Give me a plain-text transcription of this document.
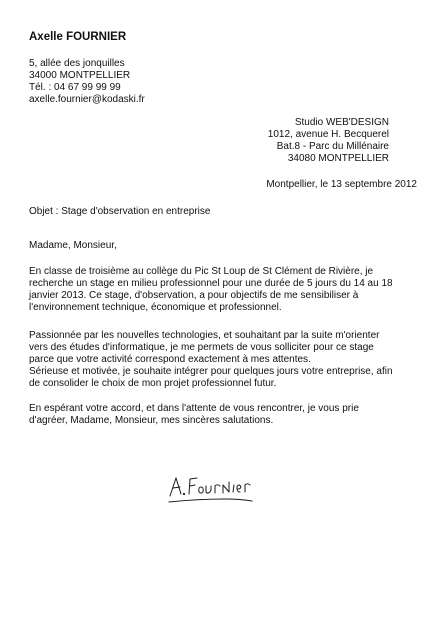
Axelle FOURNIER
5, allée des jonquilles
34000 MONTPELLIER
Tél. : 04 67 99 99 99
axelle.fournier@kodaski.fr
Studio WEB'DESIGN
1012, avenue H. Becquerel
Bat.8 - Parc du Millénaire
34080 MONTPELLIER
Montpellier, le 13 septembre 2012
Objet : Stage d'observation en entreprise
Madame, Monsieur,
En classe de troisième au collège du Pic St Loup de St Clément de Rivière, je
recherche un stage en milieu professionnel pour une durée de 5 jours du 14 au 18
janvier 2013. Ce stage, d'observation, a pour objectifs de me sensibiliser à
l'environnement technique, économique et professionnel.
Passionnée par les nouvelles technologies, et souhaitant par la suite m'orienter
vers des études d'informatique, je me permets de vous solliciter pour ce stage
parce que votre activité correspond exactement à mes attentes.
Sérieuse et motivée, je souhaite intégrer pour quelques jours votre entreprise, afin
de consolider le choix de mon projet professionnel futur.
En espérant votre accord, et dans l'attente de vous rencontrer, je vous prie
d'agréer, Madame, Monsieur, mes sincères salutations.
